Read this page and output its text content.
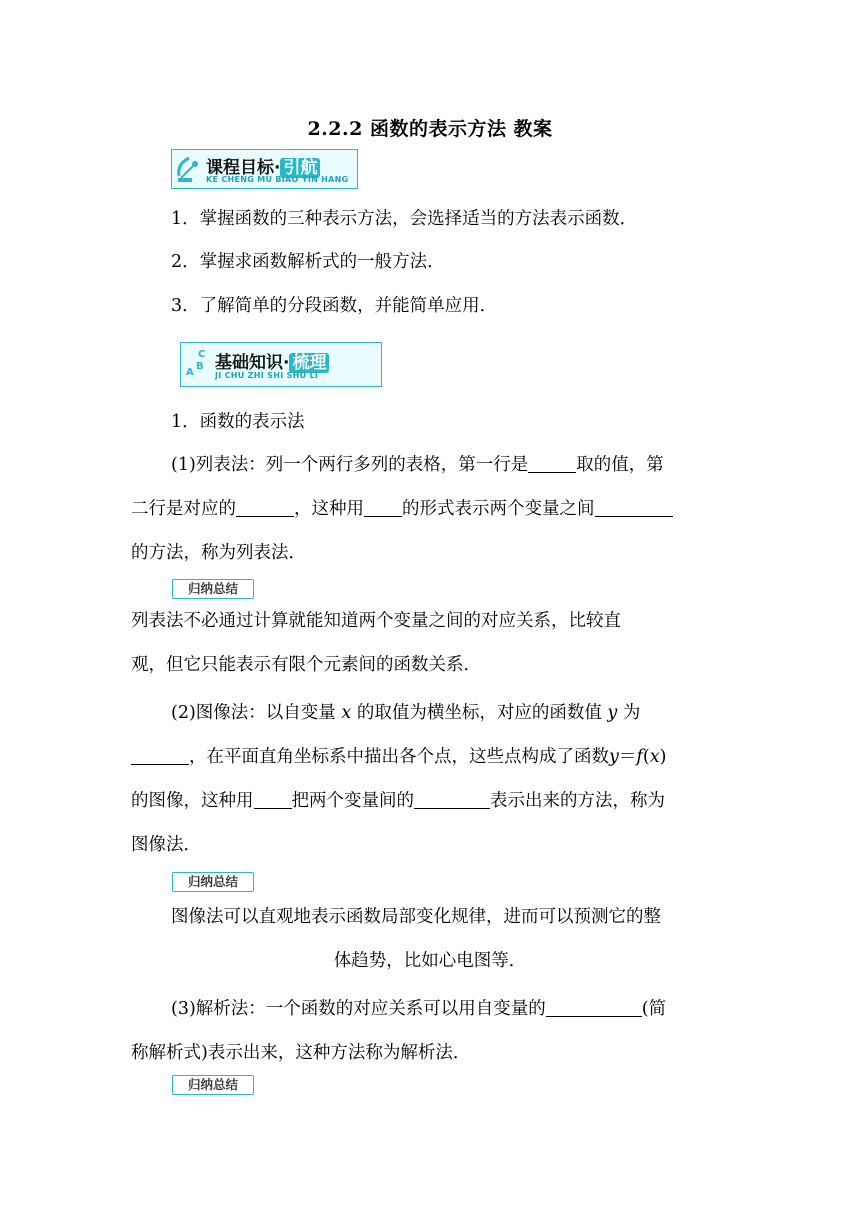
2.2.2 函数的表示方法 教案
课程目标· 引航
KE CHENG MU BIAO YIN HANG
1．掌握函数的三种表示方法，会选择适当的方法表示函数．
2．掌握求函数解析式的一般方法．
3．了解简单的分段函数，并能简单应用．
C
B
A 基础知识· 梳理
JI CHU ZHI SHI SHU LI
1．函数的表示法
(1)列表法：列一个两行多列的表格，第一行是	取的值，第
二行是对应的	，这种用 的形式表示两个变量之间
的方法，称为列表法．
归纳总结
列表法不必通过计算就能知道两个变量之间的对应关系，比较直
观，但它只能表示有限个元素间的函数关系．
(2)图像法：以自变量 x 的取值为横坐标，对应的函数值 y 为
，在平面直角坐标系中描出各个点，这些点构成了函数y＝f(x)
的图像，这种用 把两个变量间的	表示出来的方法，称为
图像法．
归纳总结
图像法可以直观地表示函数局部变化规律，进而可以预测它的整
体趋势，比如心电图等．
(3)解析法：一个函数的对应关系可以用自变量的	(简
称解析式)表示出来，这种方法称为解析法．
归纳总结
